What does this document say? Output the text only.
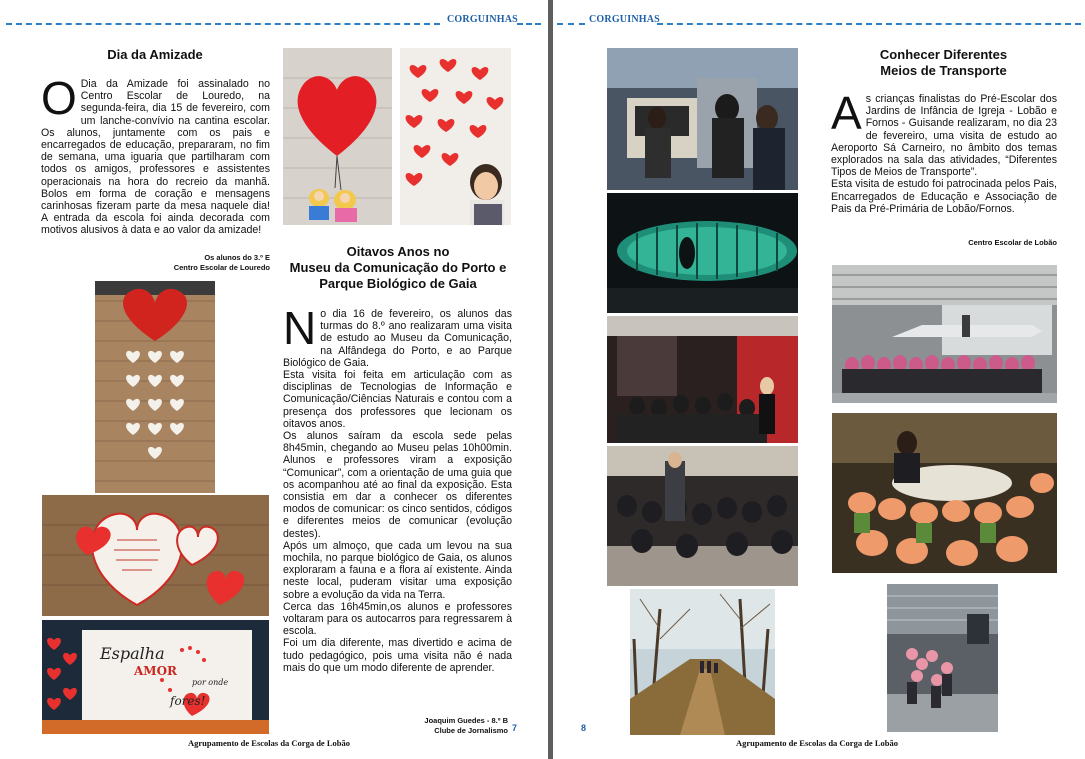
CORGUINHAS
Dia da Amizade
O Dia da Amizade foi assinalado no Centro Escolar de Louredo, na segunda-feira, dia 15 de fevereiro, com um lanche-convívio na cantina escolar. Os alunos, juntamente com os pais e encarregados de educação, prepararam, no fim de semana, uma iguaria que partilharam com todos os amigos, professores e assistentes operacionais na hora do recreio da manhã. Bolos em forma de coração e mensagens carinhosas fizeram parte da mesa naquele dia! A entrada da escola foi ainda decorada com motivos alusivos à data e ao valor da amizade!
Os alunos do 3.º E
Centro Escolar de Louredo
Oitavos Anos no
Museu da Comunicação do Porto e
Parque Biológico de Gaia
No dia 16 de fevereiro, os alunos das turmas do 8.º ano realizaram uma visita de estudo ao Museu da Comunicação, na Alfândega do Porto, e ao Parque Biológico de Gaia.
Esta visita foi feita em articulação com as disciplinas de Tecnologias de Informação e Comunicação/Ciências Naturais e contou com a presença dos professores que lecionam os oitavos anos.
Os alunos saíram da escola sede pelas 8h45min, chegando ao Museu pelas 10h00min. Alunos e professores viram a exposição “Comunicar”, com a orientação de uma guia que os acompanhou até ao final da exposição. Esta consistia em dar a conhecer os diferentes modos de comunicar: os cinco sentidos, códigos e diferentes meios de comunicar (evolução destes).
Após um almoço, que cada um levou na sua mochila, no parque biológico de Gaia, os alunos exploraram a fauna e a flora aí existente. Ainda neste local, puderam visitar uma exposição sobre a evolução da vida na Terra.
Cerca das 16h45min,os alunos e professores voltaram para os autocarros para regressarem à escola.
Foi um dia diferente, mas divertido e acima de tudo pedagógico, pois uma visita não é nada mais do que um modo diferente de aprender.
Joaquim Guedes - 8.º B
Clube de Jornalismo 7
Espalha
AMOR
por onde
fores!
Agrupamento de Escolas da Corga de Lobão
CORGUINHAS
Conhecer Diferentes
Meios de Transporte
As crianças finalistas do Pré-Escolar dos Jardins de Infância de Igreja - Lobão e Fornos - Guisande realizaram, no dia 23 de fevereiro, uma visita de estudo ao Aeroporto Sá Carneiro, no âmbito dos temas explorados na sala das atividades, “Diferentes Tipos de Meios de Transporte”.
Esta visita de estudo foi patrocinada pelos Pais, Encarregados de Educação e Associação de Pais da Pré-Primária de Lobão/Fornos.
Centro Escolar de Lobão
8
Agrupamento de Escolas da Corga de Lobão
